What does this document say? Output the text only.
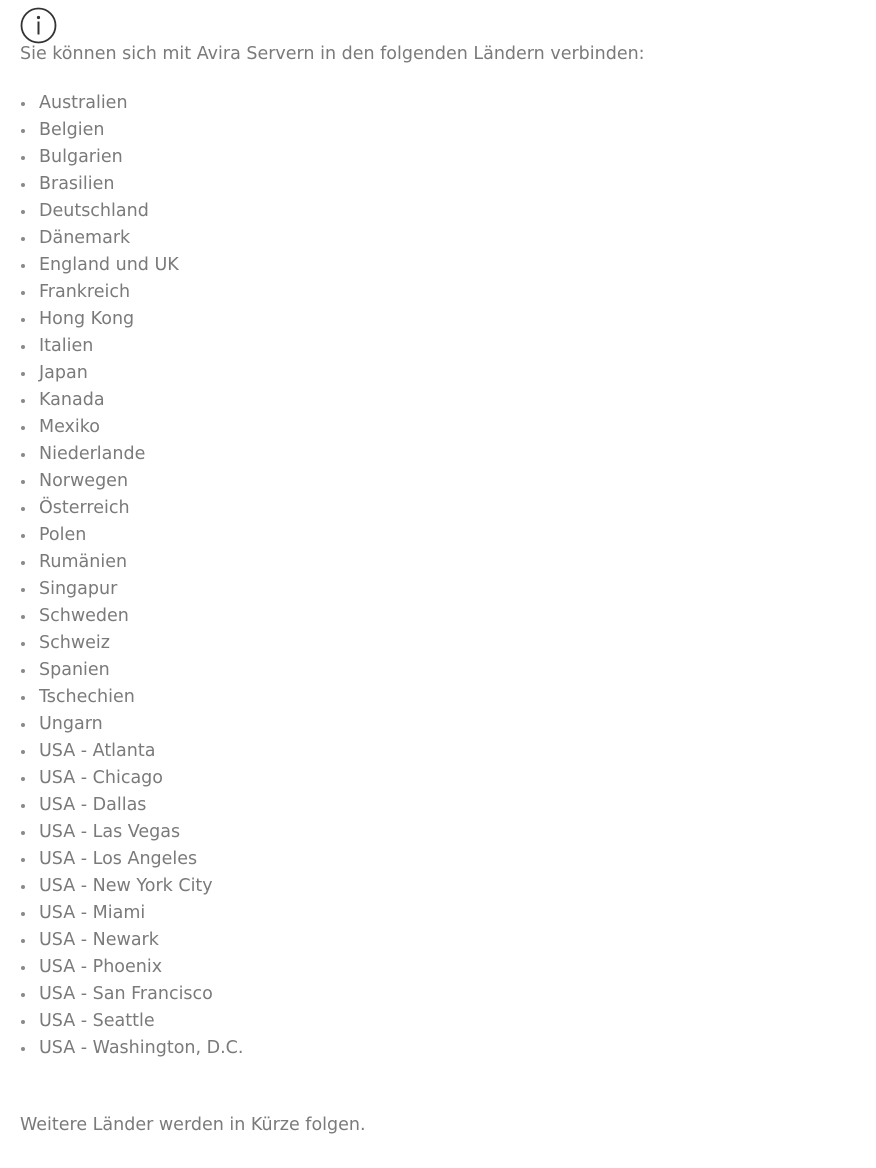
Sie können sich mit Avira Servern in den folgenden Ländern verbinden:

Australien
Belgien
Bulgarien
Brasilien
Deutschland
Dänemark
England und UK
Frankreich
Hong Kong
Italien
Japan
Kanada
Mexiko
Niederlande
Norwegen
Österreich
Polen
Rumänien
Singapur
Schweden
Schweiz
Spanien
Tschechien
Ungarn
USA - Atlanta
USA - Chicago
USA - Dallas
USA - Las Vegas
USA - Los Angeles
USA - New York City
USA - Miami
USA - Newark
USA - Phoenix
USA - San Francisco
USA - Seattle
USA - Washington, D.C.

Weitere Länder werden in Kürze folgen.
